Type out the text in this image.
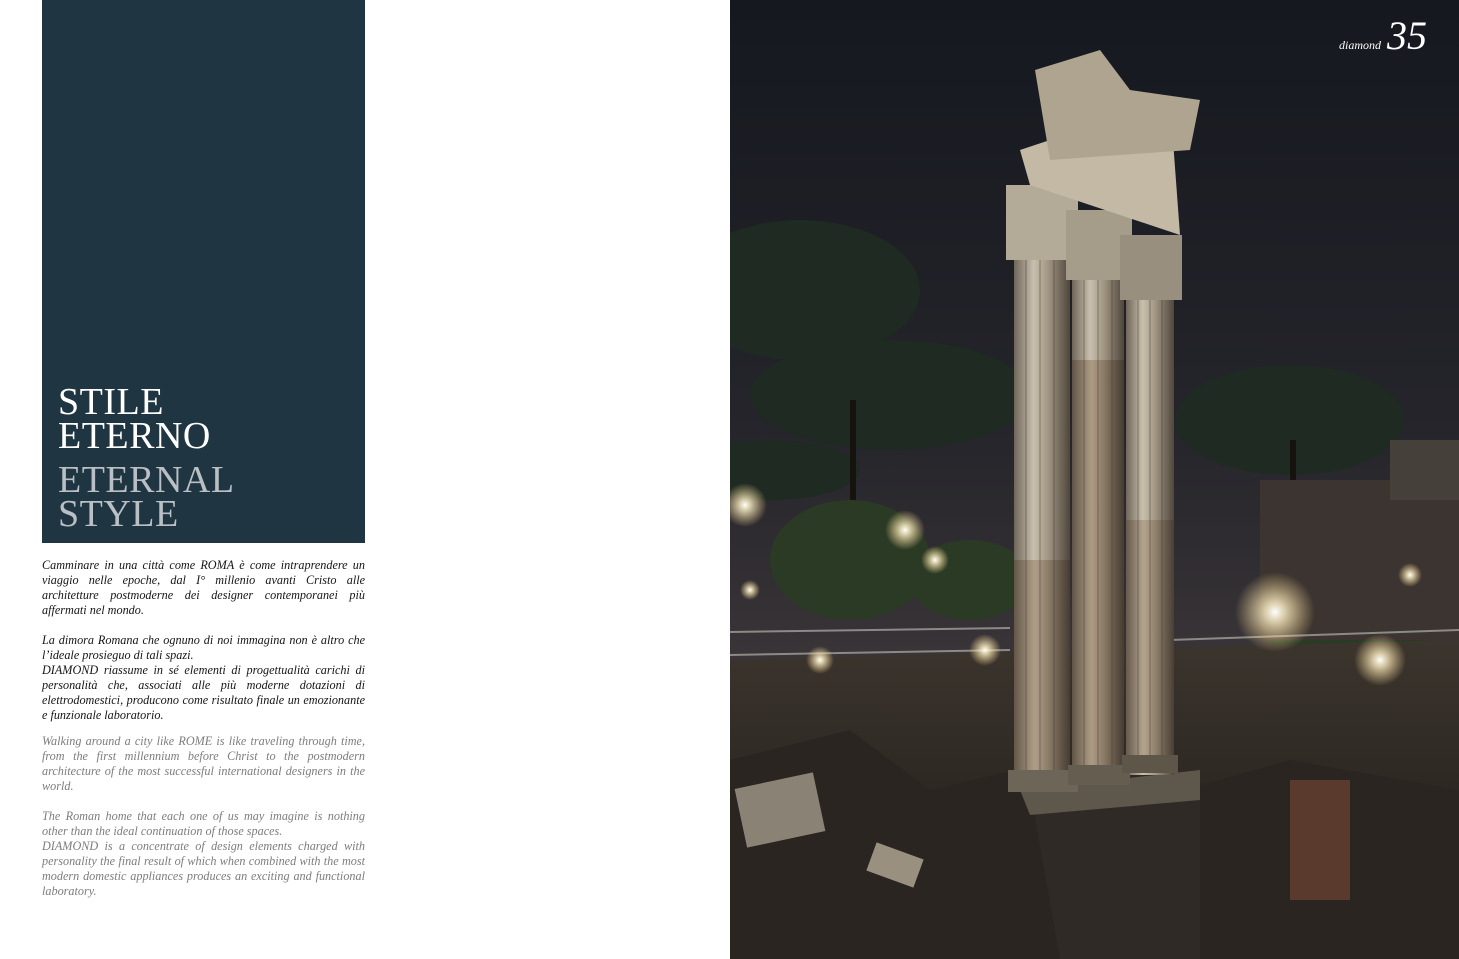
STILE
ETERNO
ETERNAL
STYLE
Camminare in una città come ROMA è come intraprendere un viaggio nelle epoche, dal I° millenio avanti Cristo alle architetture postmoderne dei designer contemporanei più affermati nel mondo.
La dimora Romana che ognuno di noi immagina non è altro che l’ideale prosieguo di tali spazi.
DIAMOND riassume in sé elementi di progettualità carichi di personalità che, associati alle più moderne dotazioni di elettrodomestici, producono come risultato finale un emozionante e funzionale laboratorio.
Walking around a city like ROME is like traveling through time, from the first millennium before Christ to the postmodern architecture of the most successful international designers in the world.
The Roman home that each one of us may imagine is nothing other than the ideal continuation of those spaces.
DIAMOND is a concentrate of design elements charged with personality the final result of which when combined with the most modern domestic appliances produces an exciting and functional laboratory.
diamond 35
